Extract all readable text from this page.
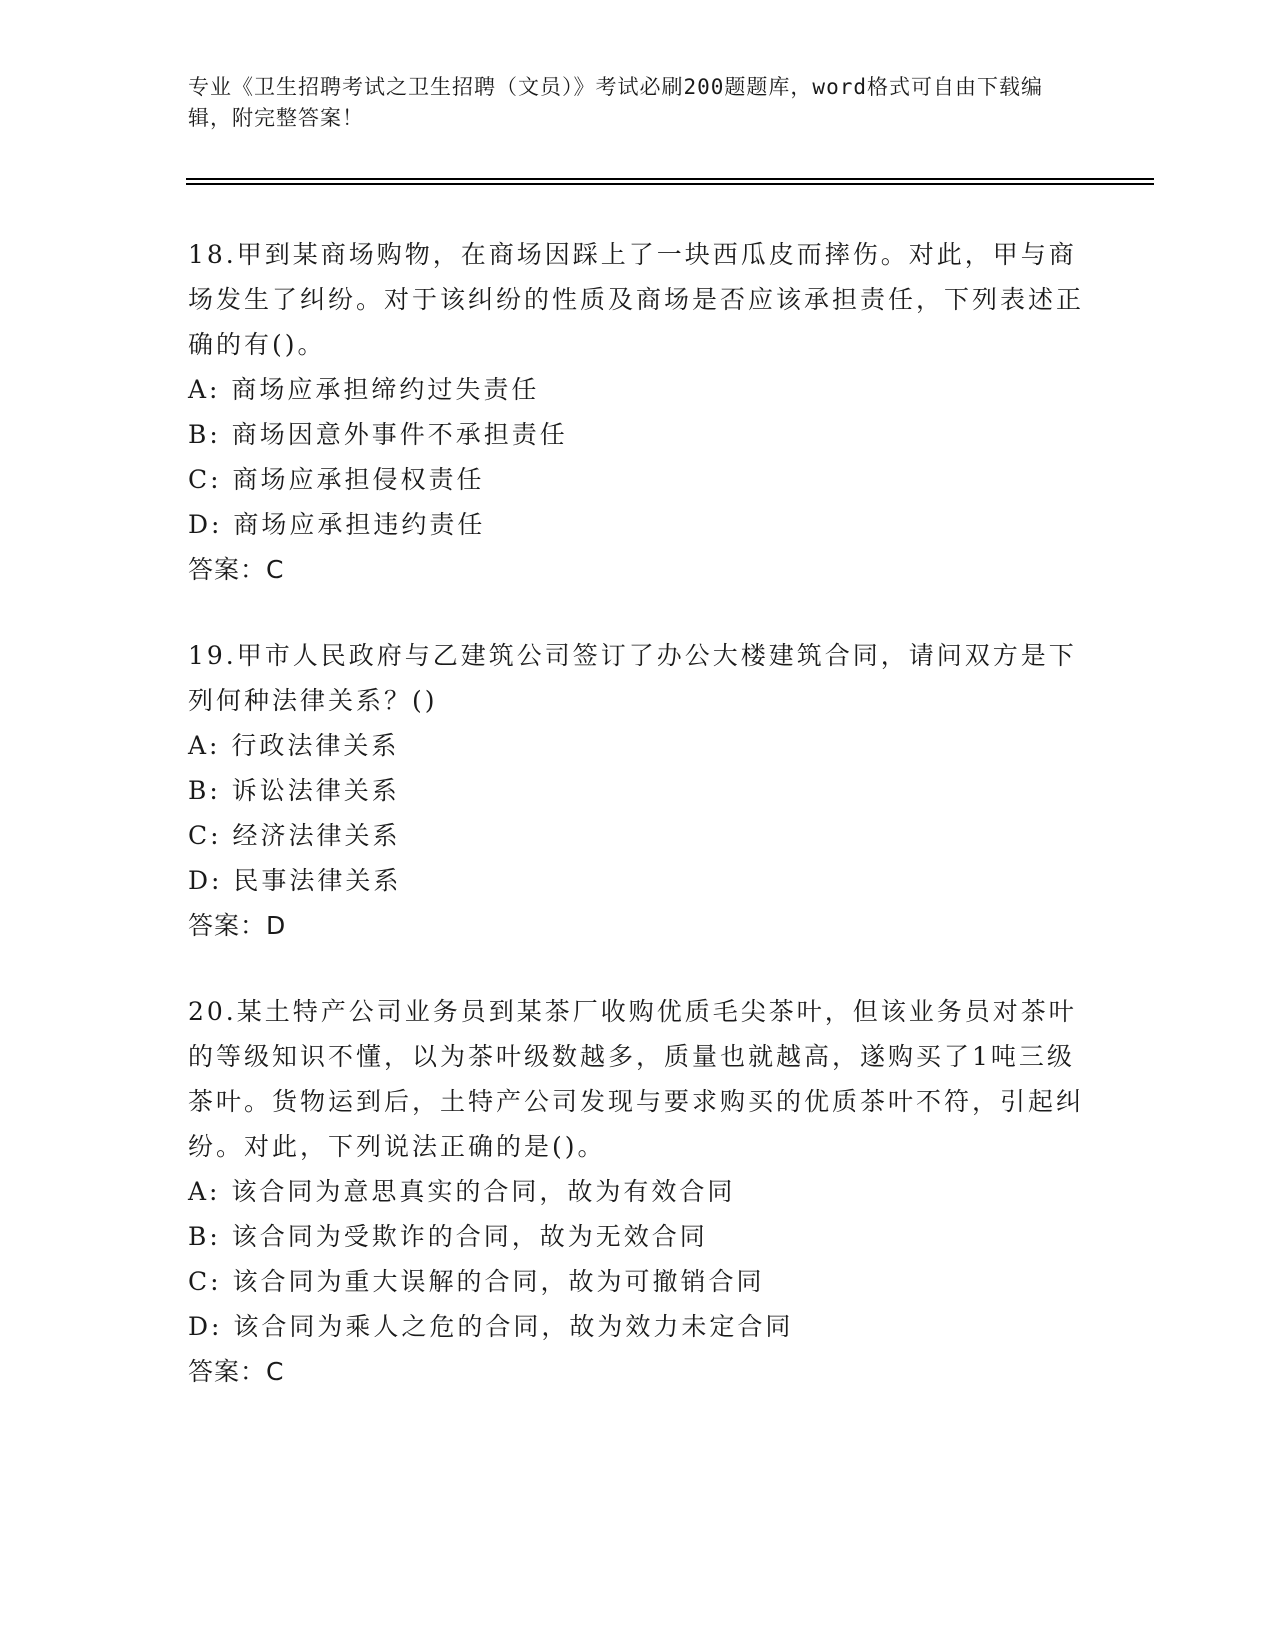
专业《卫生招聘考试之卫生招聘（文员）》考试必刷200题题库，word格式可自由下载编辑，附完整答案！
18.甲到某商场购物，在商场因踩上了一块西瓜皮而摔伤。对此，甲与商场发生了纠纷。对于该纠纷的性质及商场是否应该承担责任，下列表述正确的有()。
A: 商场应承担缔约过失责任
B: 商场因意外事件不承担责任
C: 商场应承担侵权责任
D: 商场应承担违约责任
答案：C
19.甲市人民政府与乙建筑公司签订了办公大楼建筑合同，请问双方是下列何种法律关系？()
A: 行政法律关系
B: 诉讼法律关系
C: 经济法律关系
D: 民事法律关系
答案：D
20.某土特产公司业务员到某茶厂收购优质毛尖茶叶，但该业务员对茶叶的等级知识不懂，以为茶叶级数越多，质量也就越高，遂购买了1吨三级茶叶。货物运到后，土特产公司发现与要求购买的优质茶叶不符，引起纠纷。对此，下列说法正确的是()。
A: 该合同为意思真实的合同，故为有效合同
B: 该合同为受欺诈的合同，故为无效合同
C: 该合同为重大误解的合同，故为可撤销合同
D: 该合同为乘人之危的合同，故为效力未定合同
答案：C
